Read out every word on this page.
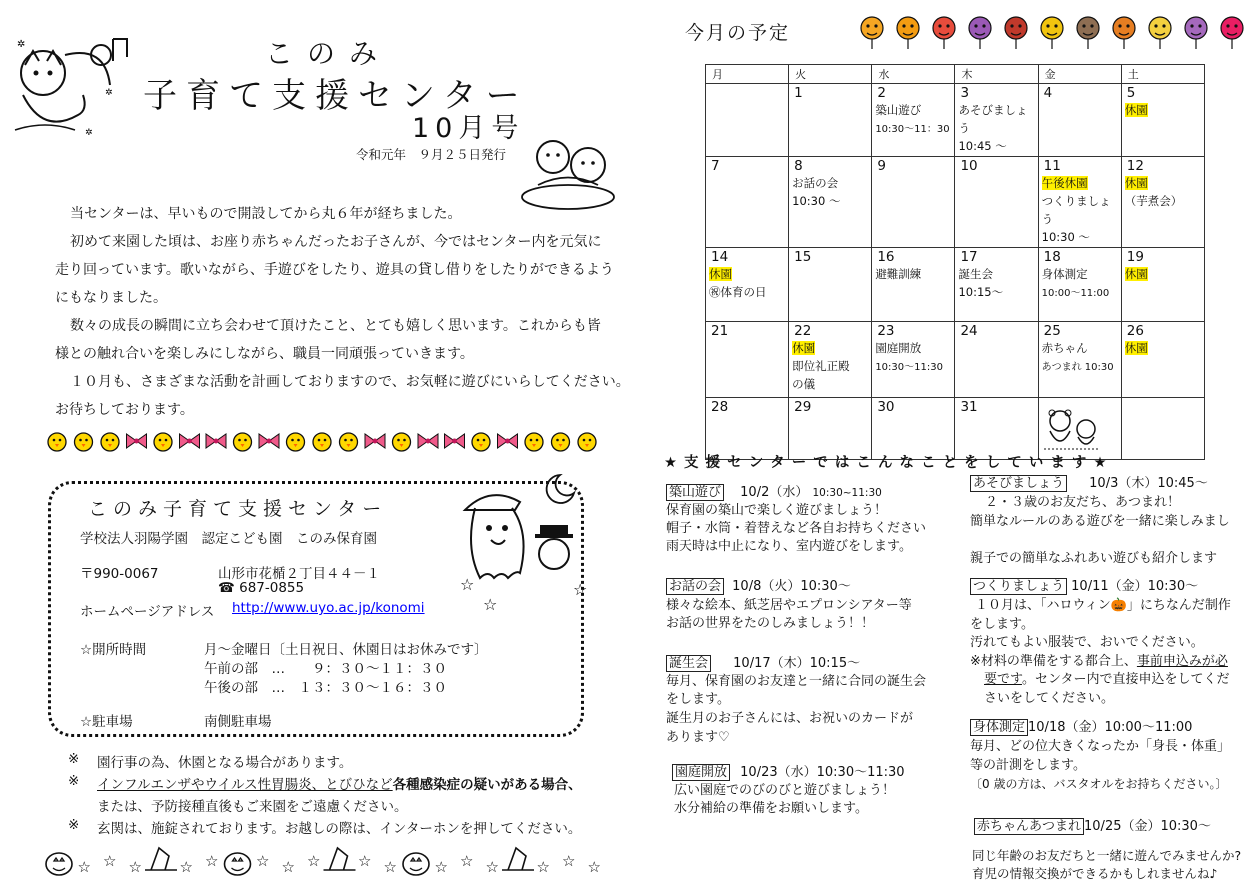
✲
✲
✲
このみ
子育て支援センター
10月号
令和元年　９月２５日発行
当センターは、早いもので開設してから丸６年が経ちました。
初めて来園した頃は、お座り赤ちゃんだったお子さんが、今ではセンター内を元気に
走り回っています。歌いながら、手遊びをしたり、遊具の貸し借りをしたりができるよう
にもなりました。
数々の成長の瞬間に立ち会わせて頂けたこと、とても嬉しく思います。これからも皆
様との触れ合いを楽しみにしながら、職員一同頑張っていきます。
１０月も、さまざまな活動を計画しておりますので、お気軽に遊びにいらしてください。
お待ちしております。
このみ子育て支援センター
学校法人羽陽学園　認定こども園　このみ保育園
〒990-0067	山形市花楯２丁目４４－１
☎ 687-0855
ホームページアドレス http://www.uyo.ac.jp/konomi
☆開所時間	月～金曜日〔土日祝日、休園日はお休みです〕
午前の部　…　　９：３０～１１：３０
午後の部　…　１３：３０～１６：３０
☆駐車場	南側駐車場
☆
☆
☆
※ 園行事の為、休園となる場合があります。
※ インフルエンザやウイルス性胃腸炎、とびひなど各種感染症の疑いがある場合、
または、予防接種直後もご来園をご遠慮ください。
※ 玄関は、施錠されております。お越しの際は、インターホンを押してください。
☆ ☆ ☆	☆ ☆	☆ ☆ ☆	☆ ☆	☆ ☆ ☆	☆ ☆ ☆
今月の予定
月	火	水	木	金	土

	1	2
築山遊び
10:30～11：30	3
あそびましょう
10:45 ～	4	5
休園

7	8
お話の会
10:30 ～	9	10	11
午後休園
つくりましょう
10:30 ～	12
休園
（芋煮会）

14
休園
㊗体育の日	15	16
避難訓練	17
誕生会
10:15～	18
身体測定
10:00～11:00	19
休園

21	22
休園
即位礼正殿
の儀	23
園庭開放
10:30～11:30	24	25
赤ちゃん
あつまれ 10:30	26
休園

28	29	30	31

★ 支 援 セ ン タ ー で は こ ん な こ と を し て い ま す ★
築山遊び 10/2（水） 10:30~11:30
保育園の築山で楽しく遊びましょう！
帽子・水筒・着替えなど各自お持ちください
雨天時は中止になり、室内遊びをします。
お話の会 10/8（火）10:30～
様々な絵本、紙芝居やエプロンシアター等
お話の世界をたのしみましょう！！
誕生会 10/17（木）10:15～
毎月、保育園のお友達と一緒に合同の誕生会
をします。
誕生月のお子さんには、お祝いのカードが
あります♡
園庭開放 10/23（水）10:30～11:30
広い園庭でのびのびと遊びましょう！
水分補給の準備をお願いします。
あそびましょう 10/3（木）10:45～
２・３歳のお友だち、あつまれ！
簡単なルールのある遊びを一緒に楽しみまし
親子での簡単なふれあい遊びも紹介します
つくりましょう 10/11（金）10:30～
１０月は、「ハロウィン🎃」にちなんだ制作
をします。
汚れてもよい服装で、おいでください。
※材料の準備をする都合上、事前申込みが必
要です。センター内で直接申込をしてくだ
さいをしてください。
身体測定 10/18（金）10:00～11:00
毎月、どの位大きくなったか「身長・体重」
等の計測をします。
〔0 歳の方は、バスタオルをお持ちください。〕
赤ちゃんあつまれ 10/25（金）10:30～
同じ年齢のお友だちと一緒に遊んでみませんか?
育児の情報交換ができるかもしれませんね♪
